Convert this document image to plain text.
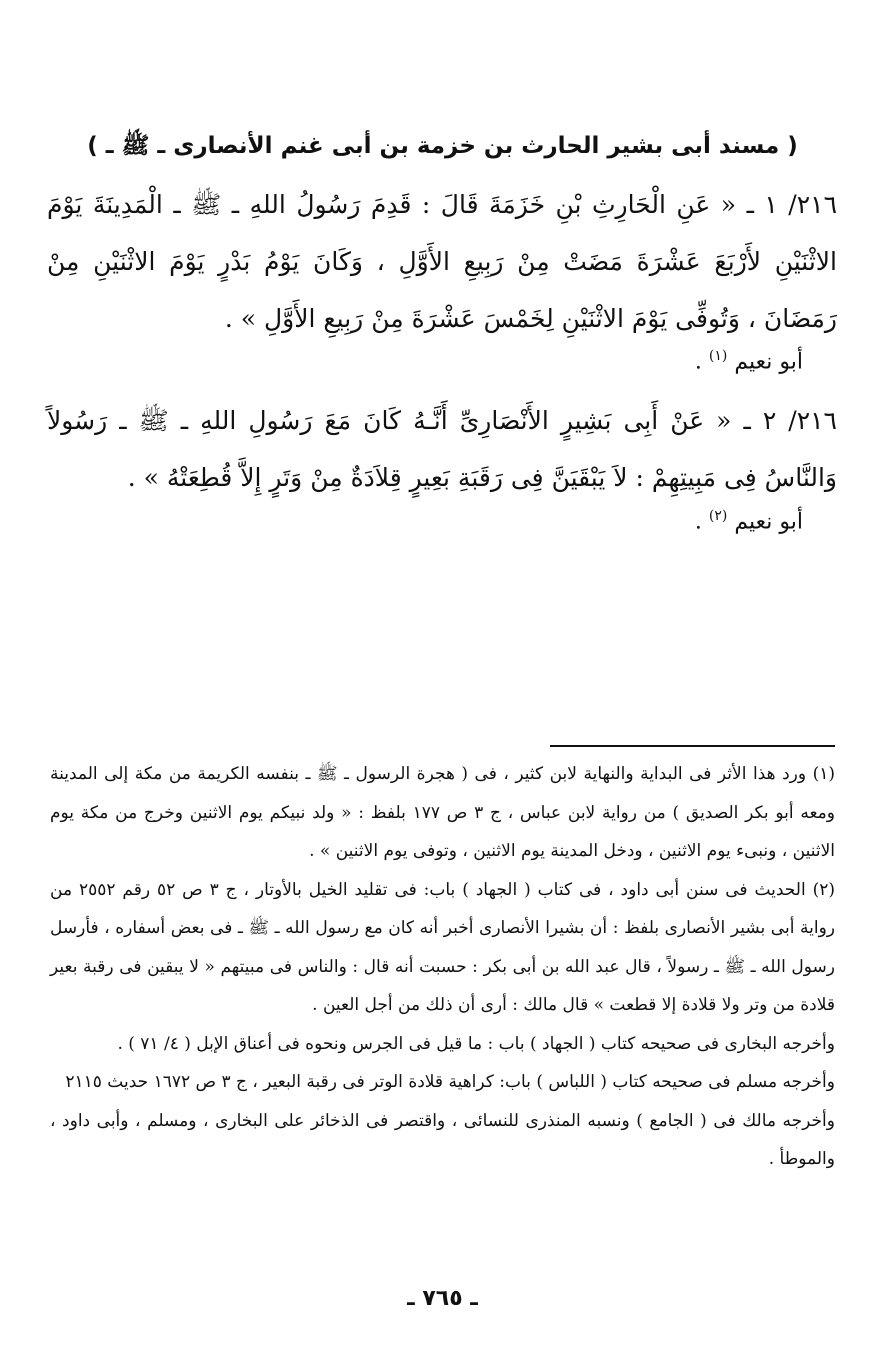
( مسند أبى بشير الحارث بن خزمة بن أبى غنم الأنصارى ـ ﷺ ـ )
٢١٦/ ١ ـ « عَنِ الْحَارِثِ بْنِ خَزَمَةَ قَالَ : قَدِمَ رَسُولُ اللهِ ـ ﷺ ـ الْمَدِينَةَ يَوْمَ الاثْنَيْنِ لأَرْبَعَ عَشْرَةَ مَضَتْ مِنْ رَبِيعِ الأَوَّلِ ، وَكَانَ يَوْمُ بَدْرٍ يَوْمَ الاثْنَيْنِ مِنْ رَمَضَانَ ، وَتُوفِّى يَوْمَ الاثْنَيْنِ لِخَمْسَ عَشْرَةَ مِنْ رَبِيعِ الأَوَّلِ » .
أبو نعيم $^{(١)}$ .
٢١٦/ ٢ ـ « عَنْ أَبِى بَشِيرٍ الأَنْصَارِىِّ أَنَّـهُ كَانَ مَعَ رَسُولِ اللهِ ـ ﷺ ـ رَسُولاً وَالنَّاسُ فِى مَبِيتِهِمْ : لاَ يَبْقَيَنَّ فِى رَقَبَةِ بَعِيرٍ قِلاَدَةٌ مِنْ وَتَرٍ إِلاَّ قُطِعَتْهُ » .
أبو نعيم $^{(٢)}$ .

(١) ورد هذا الأثر فى البداية والنهاية لابن كثير ، فى ( هجرة الرسول ـ ﷺ ـ بنفسه الكريمة من مكة إلى المدينة ومعه أبو بكر الصديق ) من رواية لابن عباس ، ج ٣ ص ١٧٧ بلفظ : « ولد نبيكم يوم الاثنين وخرج من مكة يوم الاثنين ، ونبىء يوم الاثنين ، ودخل المدينة يوم الاثنين ، وتوفى يوم الاثنين » .

(٢) الحديث فى سنن أبى داود ، فى كتاب ( الجهاد ) باب: فى تقليد الخيل بالأوتار ، ج ٣ ص ٥٢ رقم ٢٥٥٢ من رواية أبى بشير الأنصارى بلفظ : أن بشيرا الأنصارى أخبر أنه كان مع رسول الله ـ ﷺ ـ فى بعض أسفاره ، فأرسل رسول الله ـ ﷺ ـ رسولاً ، قال عبد الله بن أبى بكر : حسبت أنه قال : والناس فى مبيتهم « لا يبقين فى رقبة بعير قلادة من وتر ولا قلادة إلا قطعت » قال مالك : أرى أن ذلك من أجل العين .

وأخرجه البخارى فى صحيحه كتاب ( الجهاد ) باب : ما قيل فى الجرس ونحوه فى أعناق الإبل ( ٤/ ٧١ ) .

وأخرجه مسلم فى صحيحه كتاب ( اللباس ) باب: كراهية قلادة الوتر فى رقبة البعير ، ج ٣ ص ١٦٧٢ حديث ٢١١٥

وأخرجه مالك فى ( الجامع ) ونسبه المنذرى للنسائى ، واقتصر فى الذخائر على البخارى ، ومسلم ، وأبى داود ، والموطأ .

ـ ٧٦٥ ـ
